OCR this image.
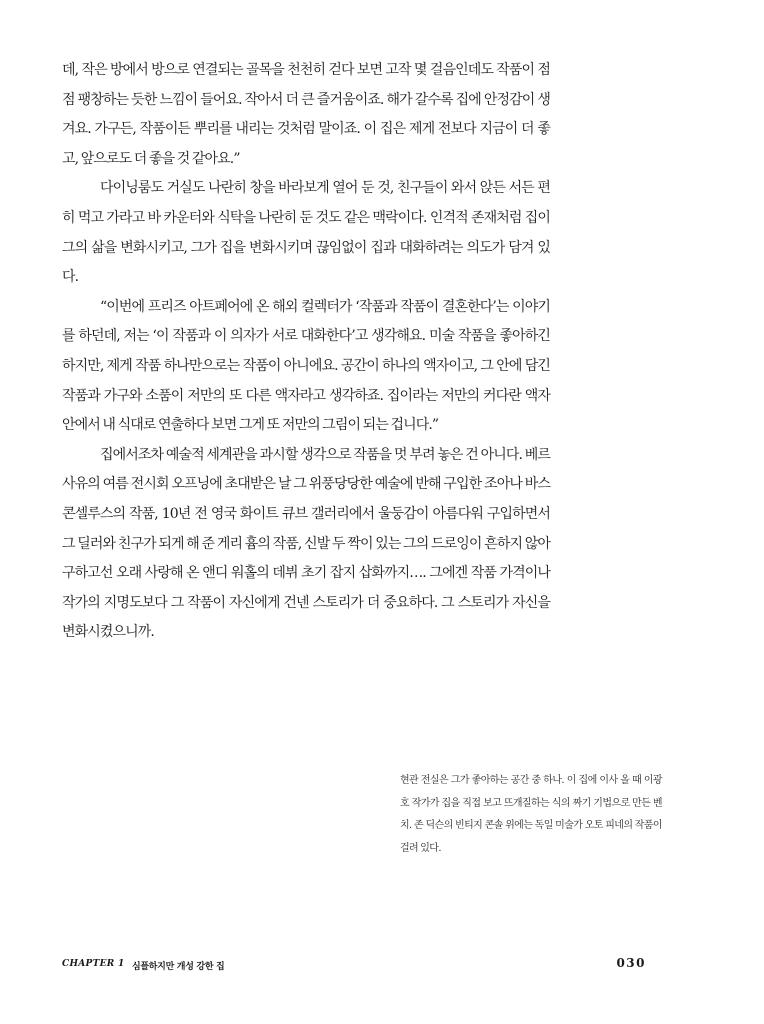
데, 작은 방에서 방으로 연결되는 골목을 천천히 걷다 보면 고작 몇 걸음인데도 작품이 점점 팽창하는 듯한 느낌이 들어요. 작아서 더 큰 즐거움이죠. 해가 갈수록 집에 안정감이 생겨요. 가구든, 작품이든 뿌리를 내리는 것처럼 말이죠. 이 집은 제게 전보다 지금이 더 좋고, 앞으로도 더 좋을 것 같아요.”

다이닝룸도 거실도 나란히 창을 바라보게 열어 둔 것, 친구들이 와서 앉든 서든 편히 먹고 가라고 바 카운터와 식탁을 나란히 둔 것도 같은 맥락이다. 인격적 존재처럼 집이 그의 삶을 변화시키고, 그가 집을 변화시키며 끊임없이 집과 대화하려는 의도가 담겨 있다.

“이번에 프리즈 아트페어에 온 해외 컬렉터가 ‘작품과 작품이 결혼한다’는 이야기를 하던데, 저는 ‘이 작품과 이 의자가 서로 대화한다’고 생각해요. 미술 작품을 좋아하긴 하지만, 제게 작품 하나만으로는 작품이 아니에요. 공간이 하나의 액자이고, 그 안에 담긴 작품과 가구와 소품이 저만의 또 다른 액자라고 생각하죠. 집이라는 저만의 커다란 액자 안에서 내 식대로 연출하다 보면 그게 또 저만의 그림이 되는 겁니다.”

집에서조차 예술적 세계관을 과시할 생각으로 작품을 멋 부려 놓은 건 아니다. 베르사유의 여름 전시회 오프닝에 초대받은 날 그 위풍당당한 예술에 반해 구입한 조아나 바스콘셀루스의 작품, 10년 전 영국 화이트 큐브 갤러리에서 울둥감이 아름다워 구입하면서 그 딜러와 친구가 되게 해 준 게리 흄의 작품, 신발 두 짝이 있는 그의 드로잉이 흔하지 않아 구하고선 오래 사랑해 온 앤디 워홀의 데뷔 초기 잡지 삽화까지…. 그에겐 작품 가격이나 작가의 지명도보다 그 작품이 자신에게 건넨 스토리가 더 중요하다. 그 스토리가 자신을 변화시켰으니까.

현관 전실은 그가 좋아하는 공간 중 하나. 이 집에 이사 올 때 이광호 작가가 집을 직접 보고 뜨개질하는 식의 짜기 기법으로 만든 벤치. 존 딕슨의 빈티지 콘솔 위에는 독일 미술가 오토 피네의 작품이 걸려 있다.
CHAPTER 1 심플하지만 개성 강한 집	030
